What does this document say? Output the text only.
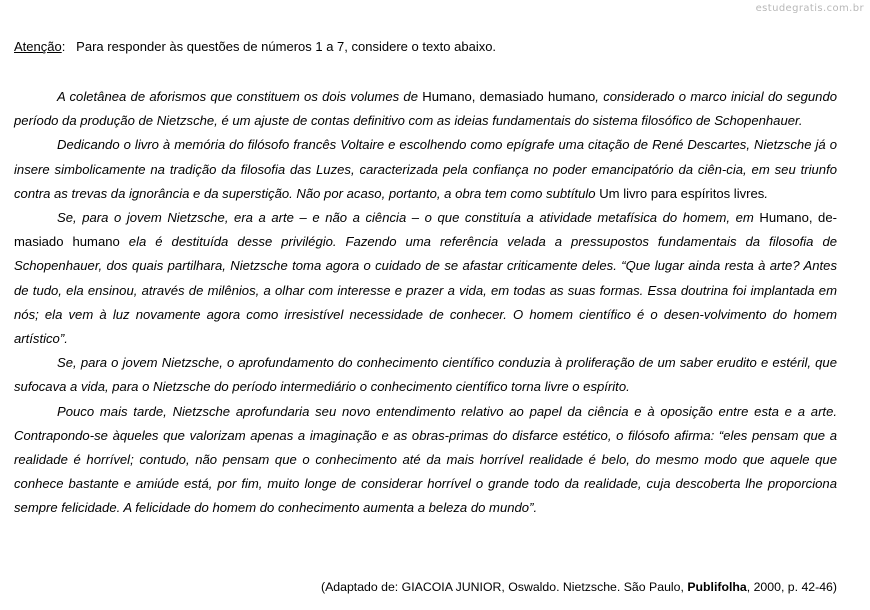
estudegratis.com.br
Atenção: Para responder às questões de números 1 a 7, considere o texto abaixo.

A coletânea de aforismos que constituem os dois volumes de Humano, demasiado humano, considerado o marco inicial do segundo período da produção de Nietzsche, é um ajuste de contas definitivo com as ideias fundamentais do sistema filosófico de Schopenhauer.

Dedicando o livro à memória do filósofo francês Voltaire e escolhendo como epígrafe uma citação de René Descartes, Nietzsche já o insere simbolicamente na tradição da filosofia das Luzes, caracterizada pela confiança no poder emancipatório da ciên-cia, em seu triunfo contra as trevas da ignorância e da superstição. Não por acaso, portanto, a obra tem como subtítulo Um livro para espíritos livres.

Se, para o jovem Nietzsche, era a arte – e não a ciência – o que constituía a atividade metafísica do homem, em Humano, de-masiado humano ela é destituída desse privilégio. Fazendo uma referência velada a pressupostos fundamentais da filosofia de Schopenhauer, dos quais partilhara, Nietzsche toma agora o cuidado de se afastar criticamente deles. “Que lugar ainda resta à arte? Antes de tudo, ela ensinou, através de milênios, a olhar com interesse e prazer a vida, em todas as suas formas. Essa doutrina foi implantada em nós; ela vem à luz novamente agora como irresistível necessidade de conhecer. O homem científico é o desen-volvimento do homem artístico”.

Se, para o jovem Nietzsche, o aprofundamento do conhecimento científico conduzia à proliferação de um saber erudito e estéril, que sufocava a vida, para o Nietzsche do período intermediário o conhecimento científico torna livre o espírito.

Pouco mais tarde, Nietzsche aprofundaria seu novo entendimento relativo ao papel da ciência e à oposição entre esta e a arte. Contrapondo-se àqueles que valorizam apenas a imaginação e as obras-primas do disfarce estético, o filósofo afirma: “eles pensam que a realidade é horrível; contudo, não pensam que o conhecimento até da mais horrível realidade é belo, do mesmo modo que aquele que conhece bastante e amiúde está, por fim, muito longe de considerar horrível o grande todo da realidade, cuja descoberta lhe proporciona sempre felicidade. A felicidade do homem do conhecimento aumenta a beleza do mundo”.

(Adaptado de: GIACOIA JUNIOR, Oswaldo. Nietzsche. São Paulo, Publifolha, 2000, p. 42-46)
